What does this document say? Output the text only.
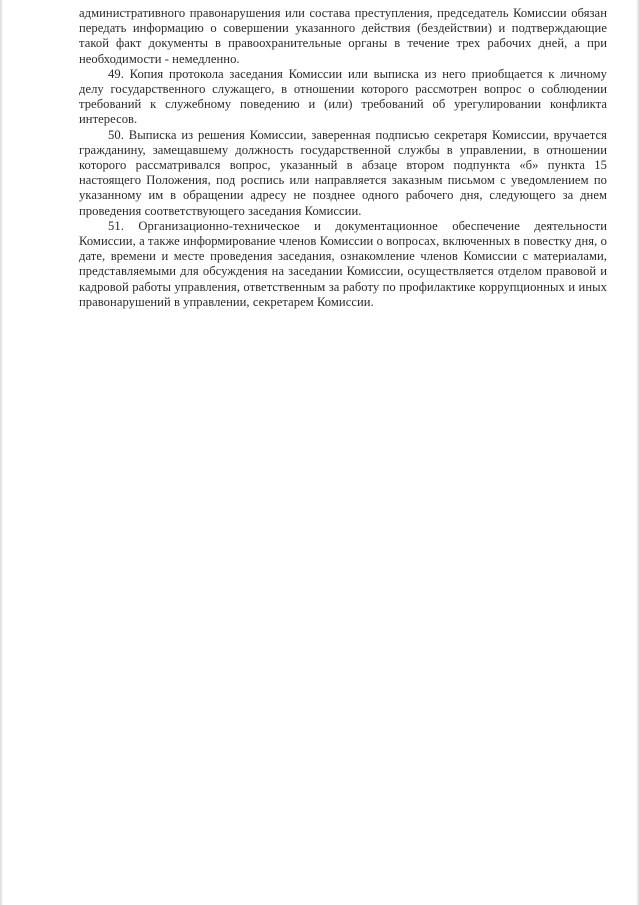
административного правонарушения или состава преступления, председатель Комиссии обязан передать информацию о совершении указанного действия (бездействии) и подтверждающие такой факт документы в правоохранительные органы в течение трех рабочих дней, а при необходимости - немедленно.

49. Копия протокола заседания Комиссии или выписка из него приобщается к личному делу государственного служащего, в отношении которого рассмотрен вопрос о соблюдении требований к служебному поведению и (или) требований об урегулировании конфликта интересов.

50. Выписка из решения Комиссии, заверенная подписью секретаря Комиссии, вручается гражданину, замещавшему должность государственной службы в управлении, в отношении которого рассматривался вопрос, указанный в абзаце втором подпункта «б» пункта 15 настоящего Положения, под роспись или направляется заказным письмом с уведомлением по указанному им в обращении адресу не позднее одного рабочего дня, следующего за днем проведения соответствующего заседания Комиссии.

51. Организационно-техническое и документационное обеспечение деятельности Комиссии, а также информирование членов Комиссии о вопросах, включенных в повестку дня, о дате, времени и месте проведения заседания, ознакомление членов Комиссии с материалами, представляемыми для обсуждения на заседании Комиссии, осуществляется отделом правовой и кадровой работы управления, ответственным за работу по профилактике коррупционных и иных правонарушений в управлении, секретарем Комиссии.
